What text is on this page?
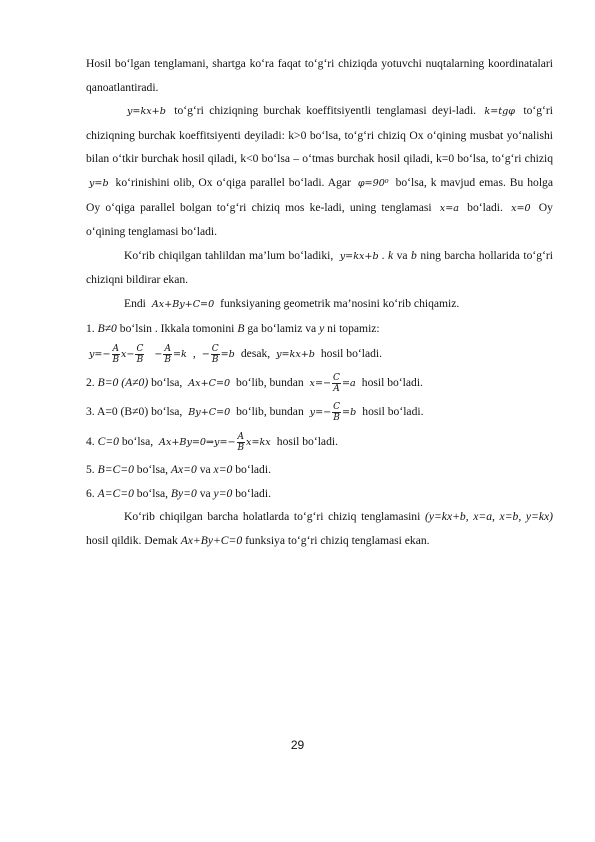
Hosil bo‘lgan tenglamani, shartga ko‘ra faqat to‘g‘ri chiziqda yotuvchi nuqtalarning koordinatalari qanoatlantiradi.

y=kx+b to‘g‘ri chiziqning burchak koeffitsiyentli tenglamasi deyi-ladi. k=tgφ to‘g‘ri chiziqning burchak koeffitsiyenti deyiladi: k>0 bo‘lsa, to‘g‘ri chiziq Ox o‘qining musbat yo‘nalishi bilan o‘tkir burchak hosil qiladi, k<0 bo‘lsa – o‘tmas burchak hosil qiladi, k=0 bo‘lsa, to‘g‘ri chiziq y=b ko‘rinishini olib, Ox o‘qiga parallel bo‘ladi. Agar φ=90⁰ bo‘lsa, k mavjud emas. Bu holga Oy o‘qiga parallel bolgan to‘g‘ri chiziq mos ke-ladi, uning tenglamasi x=a bo‘ladi. x=0 Oy o‘qining tenglamasi bo‘ladi.

Ko‘rib chiqilgan tahlildan ma’lum bo‘ladiki, y=kx+b . k va b ning barcha hollarida to‘g‘ri chiziqni bildirar ekan.

Endi Ax+By+C=0 funksiyaning geometrik ma’nosini ko‘rib chiqamiz.

1. B≠0 bo‘lsin . Ikkala tomonini B ga bo‘lamiz va y ni topamiz:

$y=- \frac{A}{B} x- \frac{C}{B} - \frac{A}{B} =k$ , − $\frac{C}{B} =b$ desak, y=kx+b hosil bo‘ladi.

2. B=0 (A≠0) bo‘lsa, Ax+C=0 bo‘lib, bundan $x=- \frac{C}{A} =a$ hosil bo‘ladi.

3. A=0 (B≠0) bo‘lsa, By+C=0 bo‘lib, bundan $y=- \frac{C}{B} =b$ hosil bo‘ladi.

4. C=0 bo‘lsa, Ax+By=0⇒y=− $\frac{A}{B} x=kx$ hosil bo‘ladi.

5. B=C=0 bo‘lsa, Ax=0 va x=0 bo‘ladi.

6. A=C=0 bo‘lsa, By=0 va y=0 bo‘ladi.

Ko‘rib chiqilgan barcha holatlarda to‘g‘ri chiziq tenglamasini (y=kx+b, x=a, x=b, y=kx) hosil qildik. Demak Ax+By+C=0 funksiya to‘g‘ri chiziq tenglamasi ekan.

29
